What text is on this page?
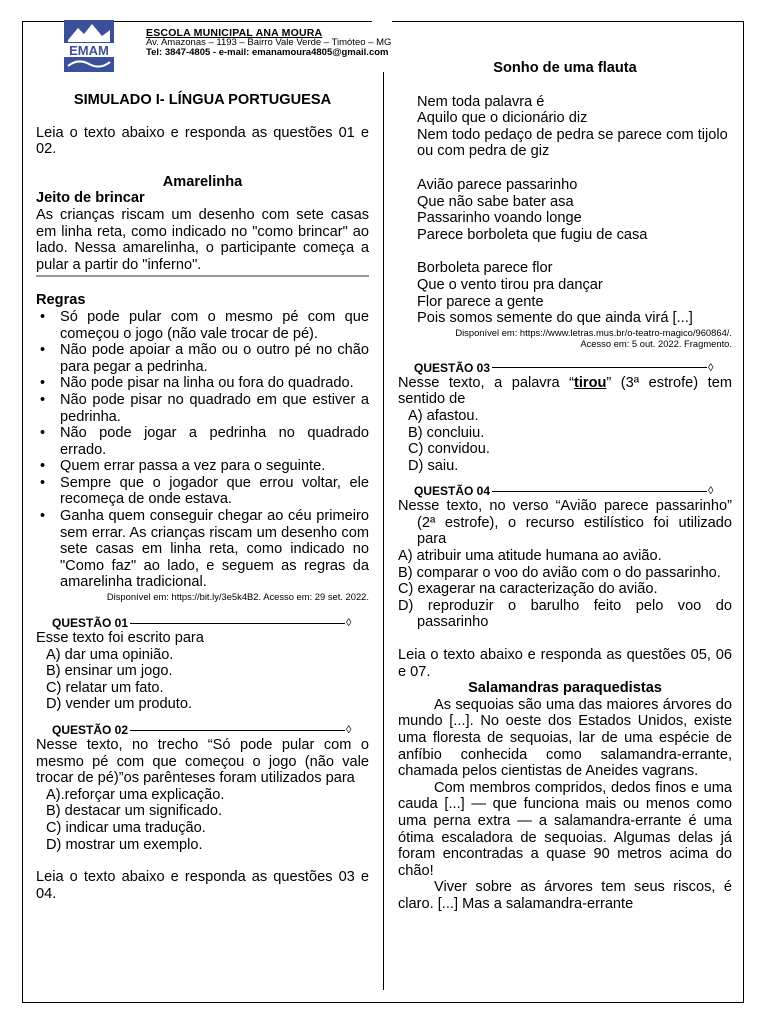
EMAM
ESCOLA MUNICIPAL ANA MOURA
Av. Amazonas – 1193 – Bairro Vale Verde – Timóteo – MG
Tel: 3847-4805 - e-mail: emanamoura4805@gmail.com

SIMULADO I- LÍNGUA PORTUGUESA

Leia o texto abaixo e responda as questões 01 e 02.

Amarelinha

Jeito de brincar

As crianças riscam um desenho com sete casas em linha reta, como indicado no "como brincar" ao lado. Nessa amarelinha, o participante começa a pular a partir do "inferno".

Regras

• Só pode pular com o mesmo pé com que começou o jogo (não vale trocar de pé).
• Não pode apoiar a mão ou o outro pé no chão para pegar a pedrinha.
• Não pode pisar na linha ou fora do quadrado.
• Não pode pisar no quadrado em que estiver a pedrinha.
• Não pode jogar a pedrinha no quadrado errado.
• Quem errar passa a vez para o seguinte.
• Sempre que o jogador que errou voltar, ele recomeça de onde estava.
• Ganha quem conseguir chegar ao céu primeiro sem errar. As crianças riscam um desenho com sete casas em linha reta, como indicado no "Como faz" ao lado, e seguem as regras da amarelinha tradicional.

Disponível em: https://bit.ly/3e5k4B2. Acesso em: 29 set. 2022.

QUESTÃO 01	◊

Esse texto foi escrito para

A) dar uma opinião.

B) ensinar um jogo.

C) relatar um fato.

D) vender um produto.

QUESTÃO 02	◊

Nesse texto, no trecho “Só pode pular com o mesmo pé com que começou o jogo (não vale trocar de pé)”os parênteses foram utilizados para

A).reforçar uma explicação.

B) destacar um significado.

C) indicar uma tradução.

D) mostrar um exemplo.

Leia o texto abaixo e responda as questões 03 e 04.

Sonho de uma flauta

Nem toda palavra é

Aquilo que o dicionário diz

Nem todo pedaço de pedra se parece com tijolo ou com pedra de giz

Avião parece passarinho

Que não sabe bater asa

Passarinho voando longe

Parece borboleta que fugiu de casa

Borboleta parece flor

Que o vento tirou pra dançar

Flor parece a gente

Pois somos semente do que ainda virá [...]

Disponível em: https://www.letras.mus.br/o-teatro-magico/960864/.

Acesso em: 5 out. 2022. Fragmento.

QUESTÃO 03	◊

Nesse texto, a palavra “tirou” (3ª estrofe) tem sentido de

A) afastou.

B) concluiu.

C) convidou.

D) saiu.

QUESTÃO 04	◊

Nesse texto, no verso “Avião parece passarinho” (2ª estrofe), o recurso estilístico foi utilizado para

A) atribuir uma atitude humana ao avião.

B) comparar o voo do avião com o do passarinho.

C) exagerar na caracterização do avião.

D) reproduzir o barulho feito pelo voo do passarinho

Leia o texto abaixo e responda as questões 05, 06 e 07.

Salamandras paraquedistas

As sequoias são uma das maiores árvores do mundo [...]. No oeste dos Estados Unidos, existe uma floresta de sequoias, lar de uma espécie de anfíbio conhecida como salamandra-errante, chamada pelos cientistas de Aneides vagrans.

Com membros compridos, dedos finos e uma cauda [...] — que funciona mais ou menos como uma perna extra — a salamandra-errante é uma ótima escaladora de sequoias. Algumas delas já foram encontradas a quase 90 metros acima do chão!

Viver sobre as árvores tem seus riscos, é claro. [...] Mas a salamandra-errante
